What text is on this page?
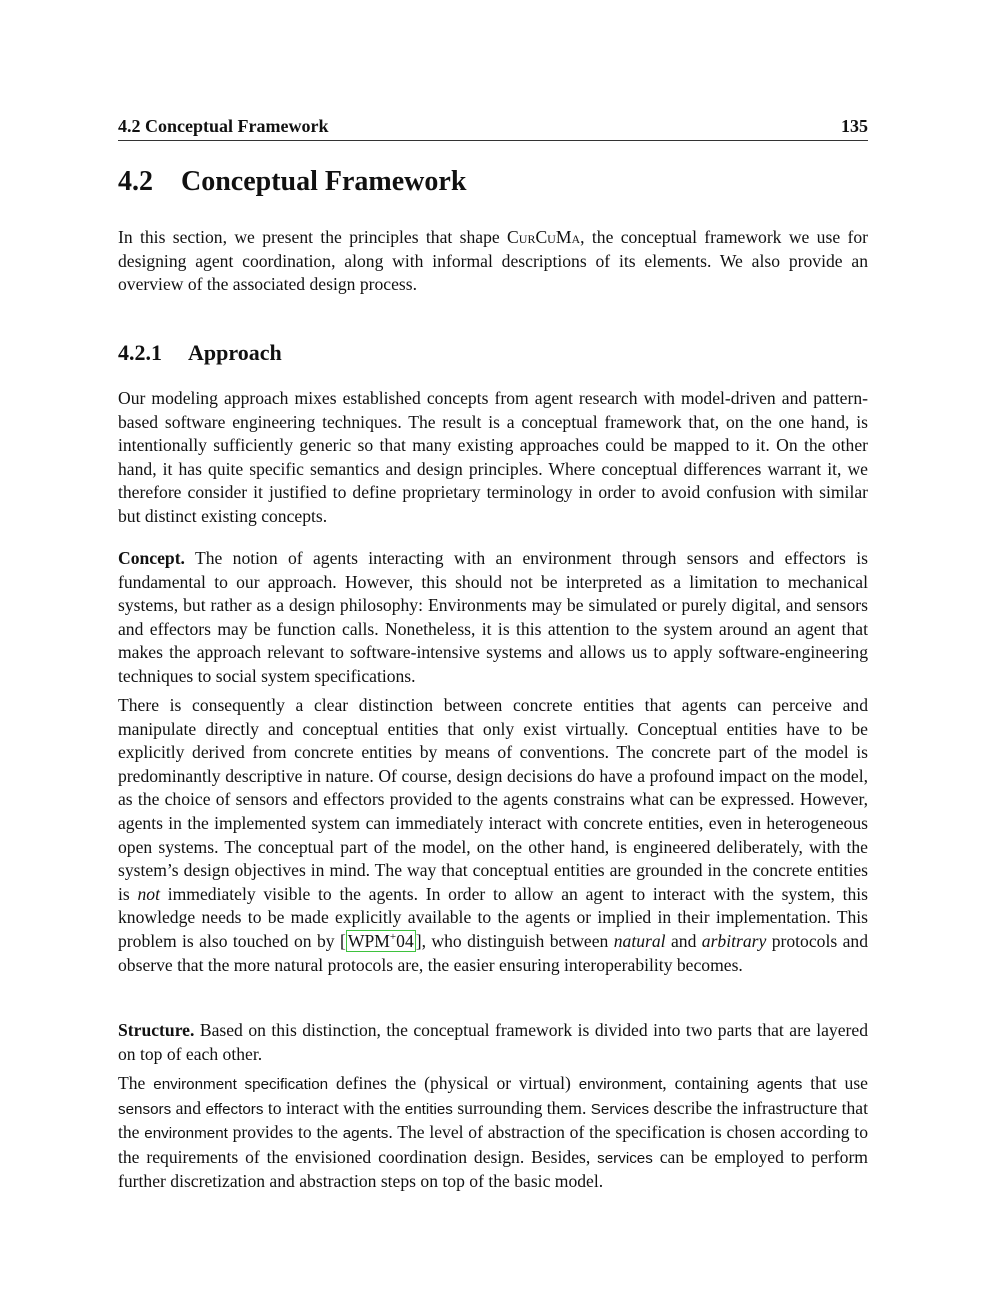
4.2 Conceptual Framework	135
4.2 Conceptual Framework

In this section, we present the principles that shape CurCuMa, the conceptual framework we use for designing agent coordination, along with informal descriptions of its elements. We also provide an overview of the associated design process.

4.2.1 Approach

Our modeling approach mixes established concepts from agent research with model-driven and pattern-based software engineering techniques. The result is a conceptual framework that, on the one hand, is intentionally sufficiently generic so that many existing approaches could be mapped to it. On the other hand, it has quite specific semantics and design principles. Where conceptual differences warrant it, we therefore consider it justified to define proprietary terminology in order to avoid confusion with similar but distinct existing concepts.

Concept. The notion of agents interacting with an environment through sensors and effectors is fundamental to our approach. However, this should not be interpreted as a limitation to mechanical systems, but rather as a design philosophy: Environments may be simulated or purely digital, and sensors and effectors may be function calls. Nonetheless, it is this attention to the system around an agent that makes the approach relevant to software-intensive systems and allows us to apply software-engineering techniques to social system specifications.

There is consequently a clear distinction between concrete entities that agents can perceive and manipulate directly and conceptual entities that only exist virtually. Conceptual entities have to be explicitly derived from concrete entities by means of conventions. The concrete part of the model is predominantly descriptive in nature. Of course, design decisions do have a profound impact on the model, as the choice of sensors and effectors provided to the agents constrains what can be expressed. However, agents in the implemented system can immediately interact with concrete entities, even in heterogeneous open systems. The conceptual part of the model, on the other hand, is engineered deliberately, with the system’s design objectives in mind. The way that conceptual entities are grounded in the concrete entities is not immediately visible to the agents. In order to allow an agent to interact with the system, this knowledge needs to be made explicitly available to the agents or implied in their implementation. This problem is also touched on by [ WPM+04 ], who distinguish between natural and arbitrary protocols and observe that the more natural protocols are, the easier ensuring interoperability becomes.

Structure. Based on this distinction, the conceptual framework is divided into two parts that are layered on top of each other.

The environment specification defines the (physical or virtual) environment, containing agents that use sensors and effectors to interact with the entities surrounding them. Services describe the infrastructure that the environment provides to the agents. The level of abstraction of the specification is chosen according to the requirements of the envisioned coordination design. Besides, services can be employed to perform further discretization and abstraction steps on top of the basic model.
